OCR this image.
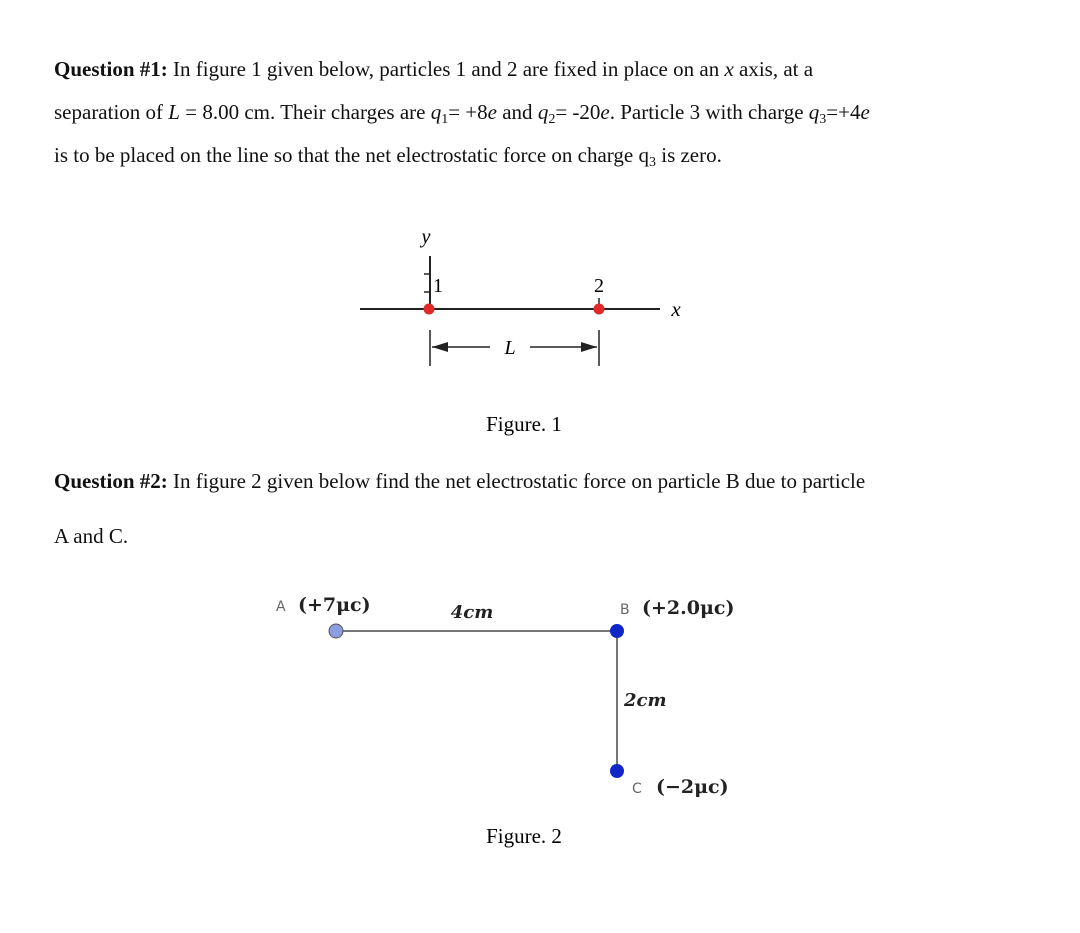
Question #1: In figure 1 given below, particles 1 and 2 are fixed in place on an x axis, at a
separation of L = 8.00 cm. Their charges are q1= +8e and q2= -20e. Particle 3 with charge q3=+4e
is to be placed on the line so that the net electrostatic force on charge q3 is zero.
y
x
1	2
L
Figure. 1
Question #2: In figure 2 given below find the net electrostatic force on particle B due to particle
A and C.
A (+7μc)	B (+2.0μc)
C (−2μc)
4cm
2cm
Figure. 2
